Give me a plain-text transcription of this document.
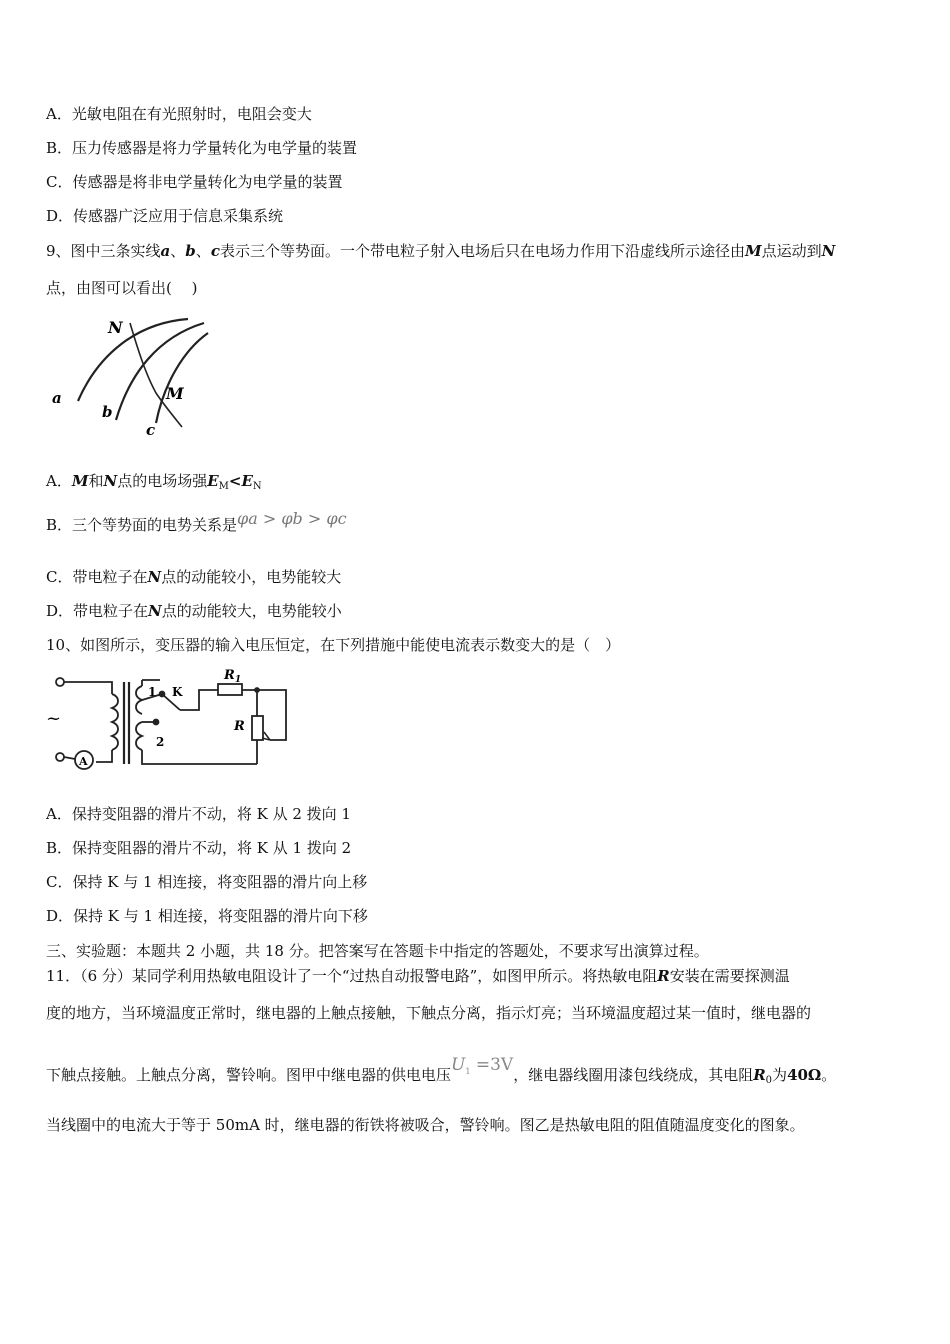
A．光敏电阻在有光照射时，电阻会变大
B．压力传感器是将力学量转化为电学量的装置
C．传感器是将非电学量转化为电学量的装置
D．传感器广泛应用于信息采集系统
9、图中三条实线a、b、c表示三个等势面。一个带电粒子射入电场后只在电场力作用下沿虚线所示途径由M点运动到N
点，由图可以看出(　 )
N
M
a
b
c
A．M和N点的电场场强$E_M<E_N$
B．三个等势面的电势关系是φa > φb > φc
C．带电粒子在N点的动能较小，电势能较大
D．带电粒子在N点的动能较大，电势能较小
10、如图所示，变压器的输入电压恒定，在下列措施中能使电流表示数变大的是（　）
~
A
1 K
2
$R_1$
R
A．保持变阻器的滑片不动，将 K 从 2 拨向 1
B．保持变阻器的滑片不动，将 K 从 1 拨向 2
C．保持 K 与 1 相连接，将变阻器的滑片向上移
D．保持 K 与 1 相连接，将变阻器的滑片向下移
三、实验题：本题共 2 小题，共 18 分。把答案写在答题卡中指定的答题处，不要求写出演算过程。
11．（6 分）某同学利用热敏电阻设计了一个“过热自动报警电路”，如图甲所示。将热敏电阻R安装在需要探测温
度的地方，当环境温度正常时，继电器的上触点接触，下触点分离，指示灯亮；当环境温度超过某一值时，继电器的
下触点接触。上触点分离，警铃响。图甲中继电器的供电电压$U_1 =3V$，继电器线圈用漆包线绕成，其电阻$R_0$为40Ω。
当线圈中的电流大于等于 50mA 时，继电器的衔铁将被吸合，警铃响。图乙是热敏电阻的阻值随温度变化的图象。
